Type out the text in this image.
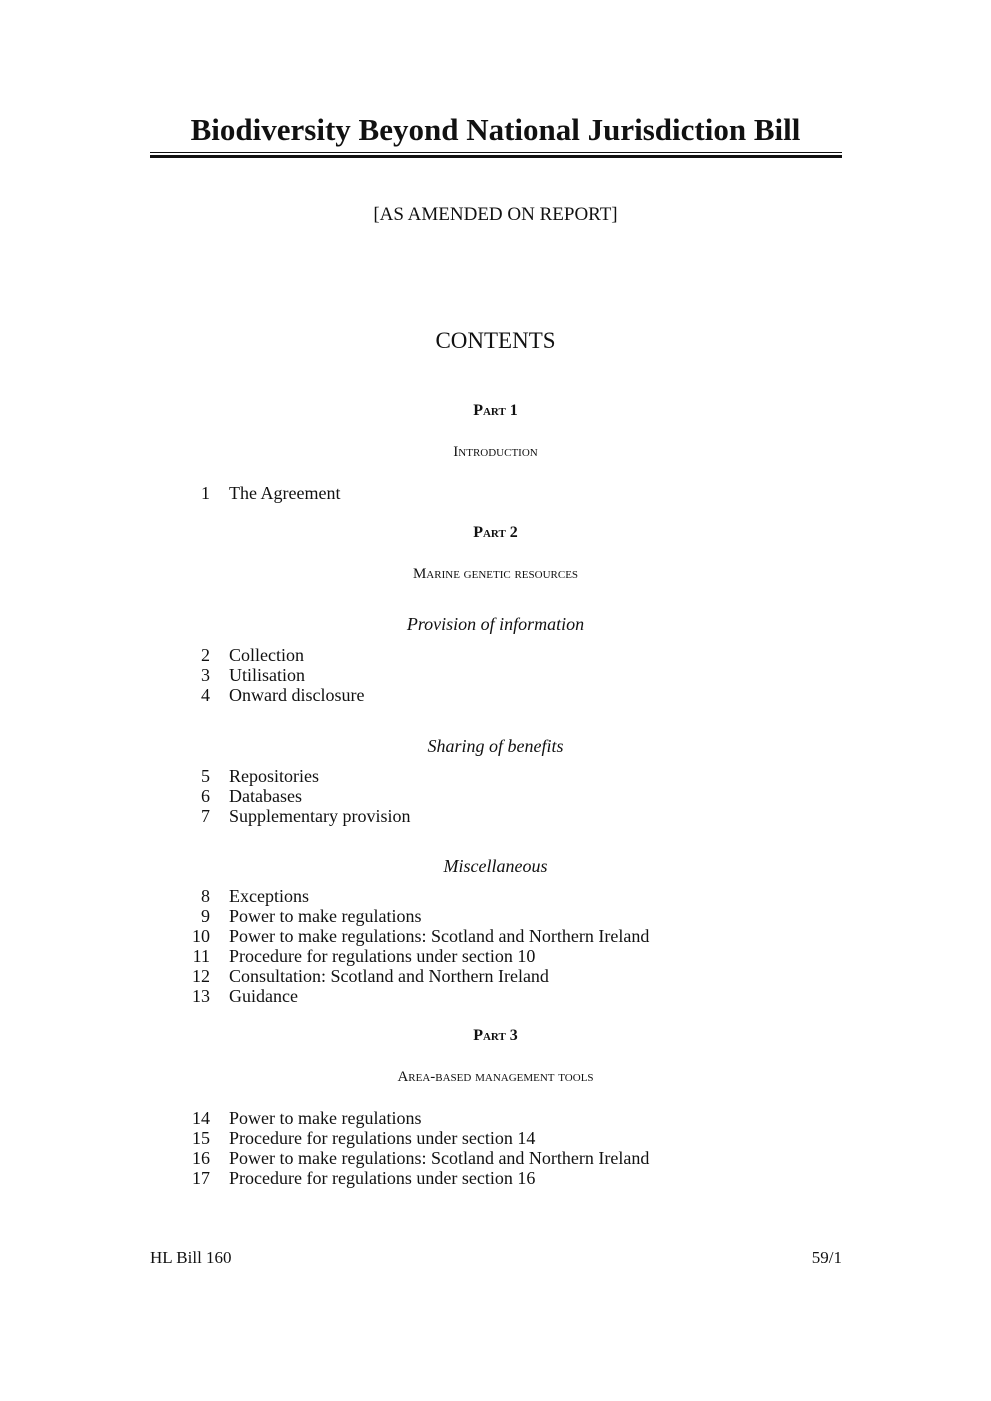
Biodiversity Beyond National Jurisdiction Bill
[AS AMENDED ON REPORT]
CONTENTS
Part 1
Introduction
1 The Agreement
Part 2
Marine genetic resources
Provision of information
2 Collection
3 Utilisation
4 Onward disclosure
Sharing of benefits
5 Repositories
6 Databases
7 Supplementary provision
Miscellaneous
8 Exceptions
9 Power to make regulations
10 Power to make regulations: Scotland and Northern Ireland
11 Procedure for regulations under section 10
12 Consultation: Scotland and Northern Ireland
13 Guidance
Part 3
Area-based management tools
14 Power to make regulations
15 Procedure for regulations under section 14
16 Power to make regulations: Scotland and Northern Ireland
17 Procedure for regulations under section 16
HL Bill 160	59/1
